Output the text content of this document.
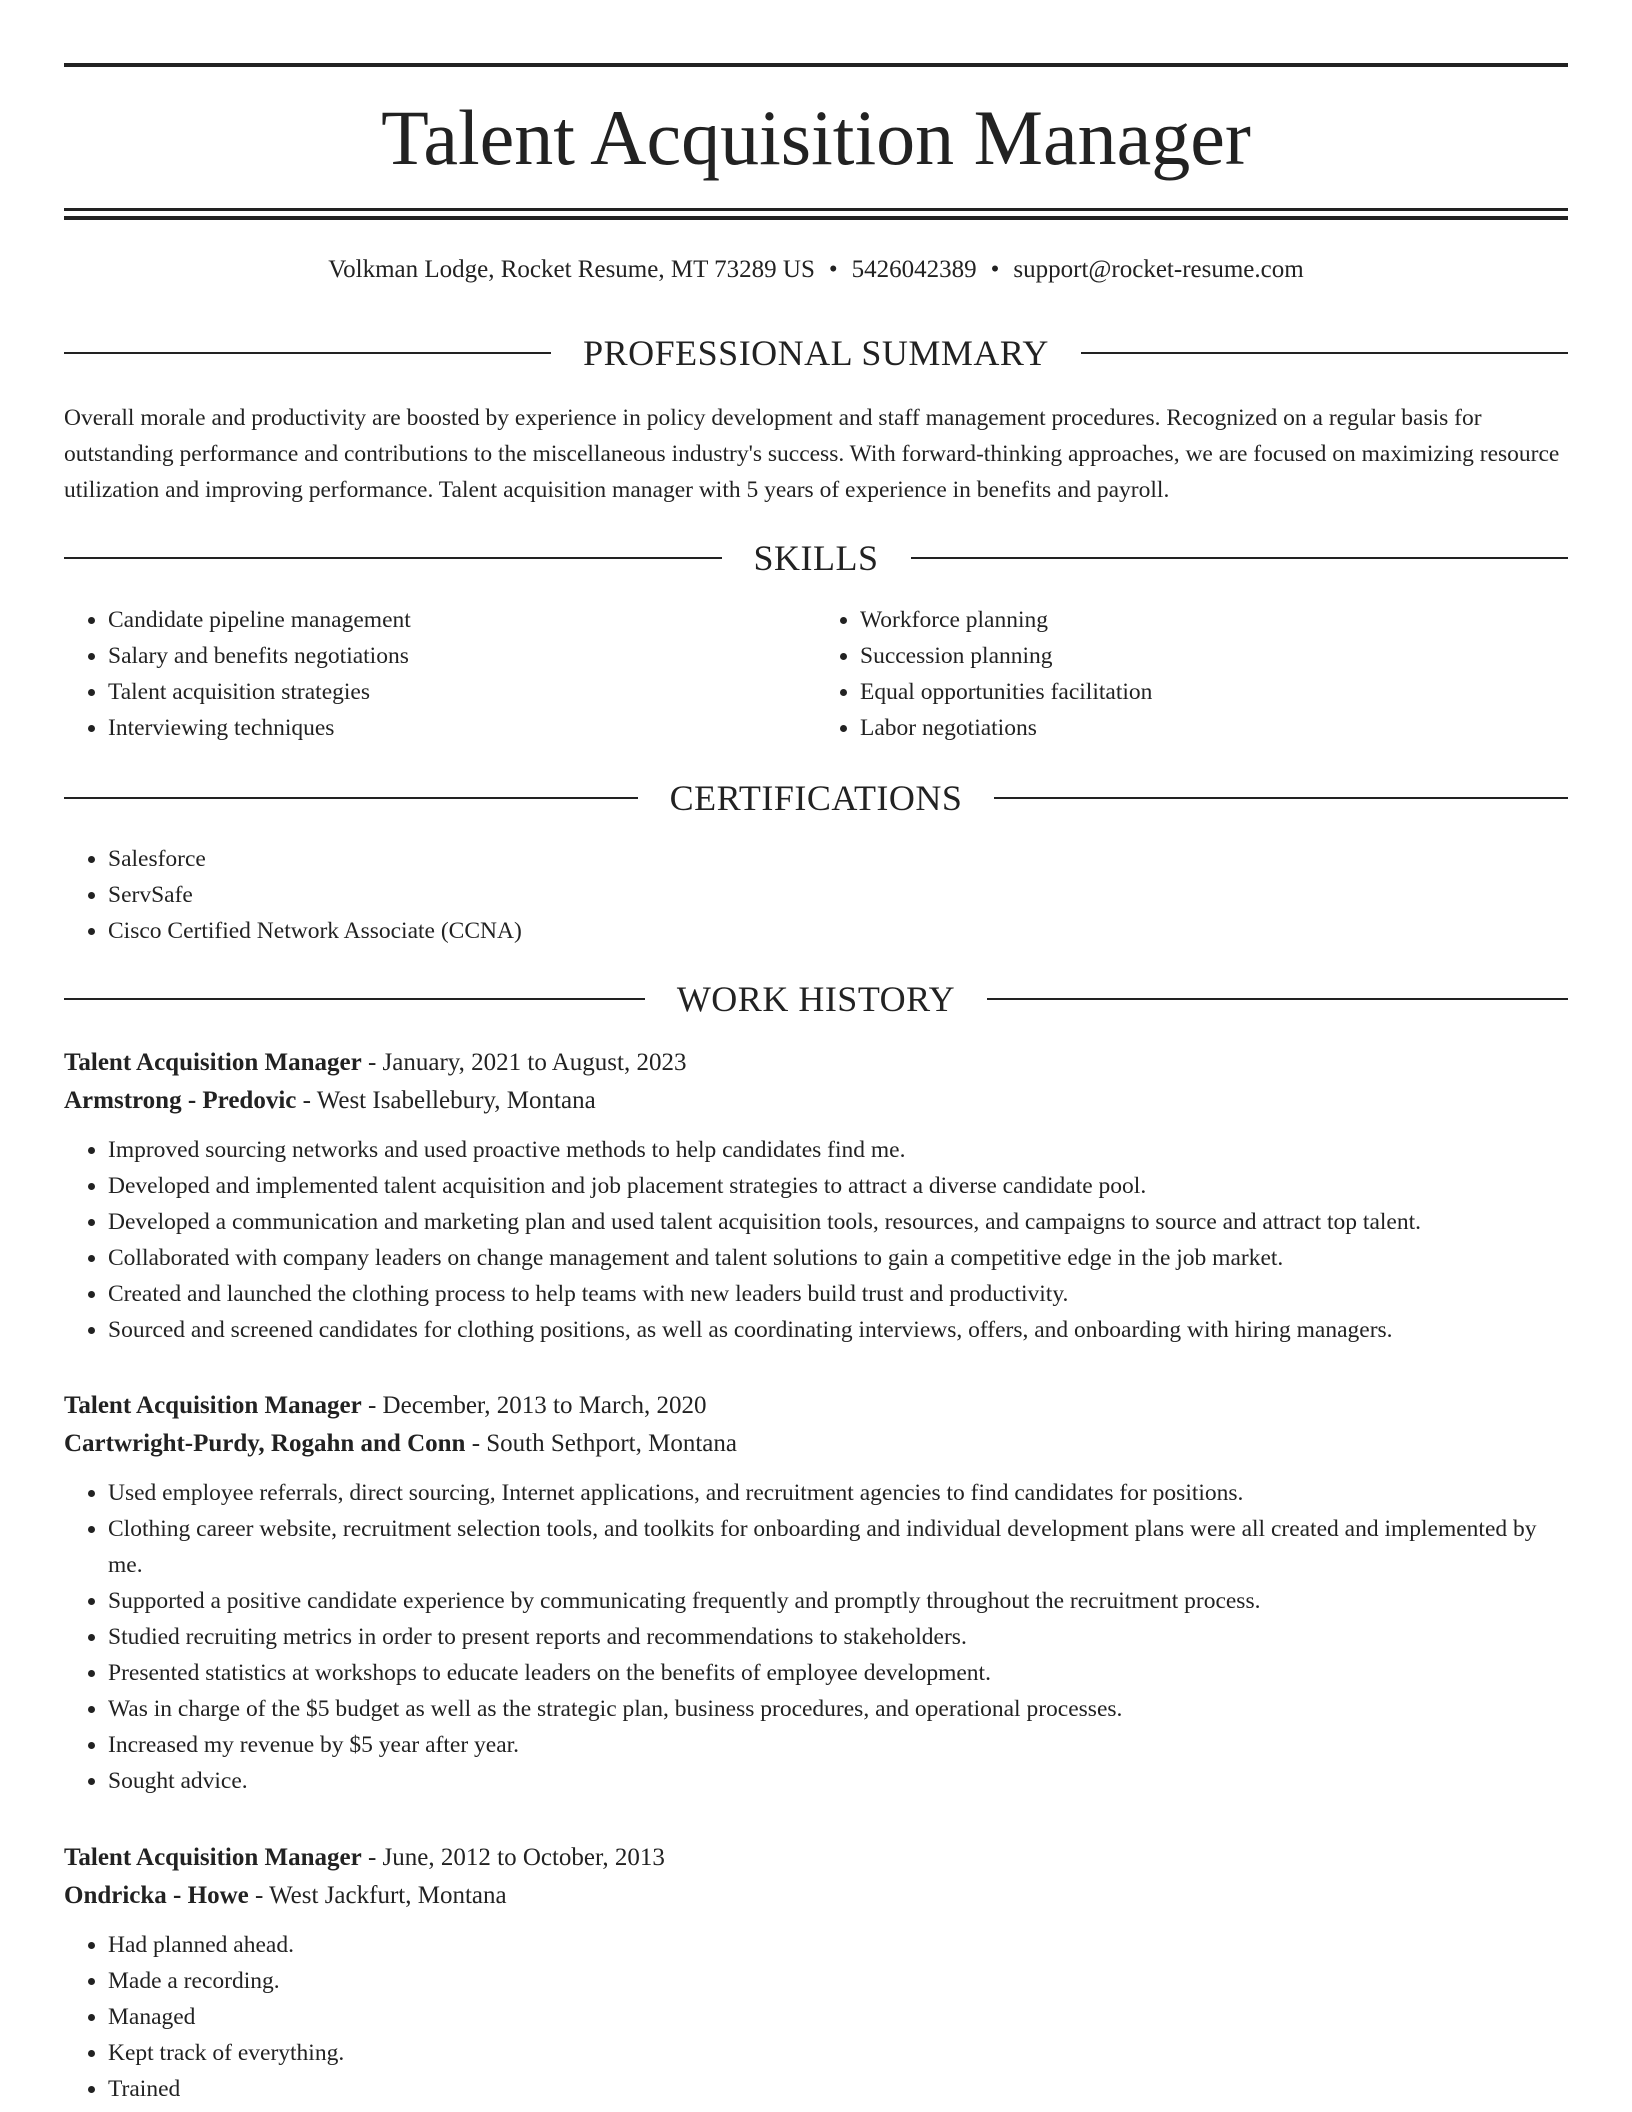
Talent Acquisition Manager
Volkman Lodge, Rocket Resume, MT 73289 US • 5426042389 • support@rocket-resume.com
PROFESSIONAL SUMMARY

Overall morale and productivity are boosted by experience in policy development and staff management procedures. Recognized on a regular basis for outstanding performance and contributions to the miscellaneous industry's success. With forward-thinking approaches, we are focused on maximizing resource utilization and improving performance. Talent acquisition manager with 5 years of experience in benefits and payroll.

SKILLS
• Candidate pipeline management
• Salary and benefits negotiations
• Talent acquisition strategies
• Interviewing techniques
• Workforce planning
• Succession planning
• Equal opportunities facilitation
• Labor negotiations
CERTIFICATIONS
• Salesforce
• ServSafe
• Cisco Certified Network Associate (CCNA)
WORK HISTORY
Talent Acquisition Manager - January, 2021 to August, 2023
Armstrong - Predovic - West Isabellebury, Montana
• Improved sourcing networks and used proactive methods to help candidates find me.
• Developed and implemented talent acquisition and job placement strategies to attract a diverse candidate pool.
• Developed a communication and marketing plan and used talent acquisition tools, resources, and campaigns to source and attract top talent.
• Collaborated with company leaders on change management and talent solutions to gain a competitive edge in the job market.
• Created and launched the clothing process to help teams with new leaders build trust and productivity.
• Sourced and screened candidates for clothing positions, as well as coordinating interviews, offers, and onboarding with hiring managers.
Talent Acquisition Manager - December, 2013 to March, 2020
Cartwright-Purdy, Rogahn and Conn - South Sethport, Montana
• Used employee referrals, direct sourcing, Internet applications, and recruitment agencies to find candidates for positions.
• Clothing career website, recruitment selection tools, and toolkits for onboarding and individual development plans were all created and implemented by me.
• Supported a positive candidate experience by communicating frequently and promptly throughout the recruitment process.
• Studied recruiting metrics in order to present reports and recommendations to stakeholders.
• Presented statistics at workshops to educate leaders on the benefits of employee development.
• Was in charge of the $5 budget as well as the strategic plan, business procedures, and operational processes.
• Increased my revenue by $5 year after year.
• Sought advice.
Talent Acquisition Manager - June, 2012 to October, 2013
Ondricka - Howe - West Jackfurt, Montana
• Had planned ahead.
• Made a recording.
• Managed
• Kept track of everything.
• Trained
